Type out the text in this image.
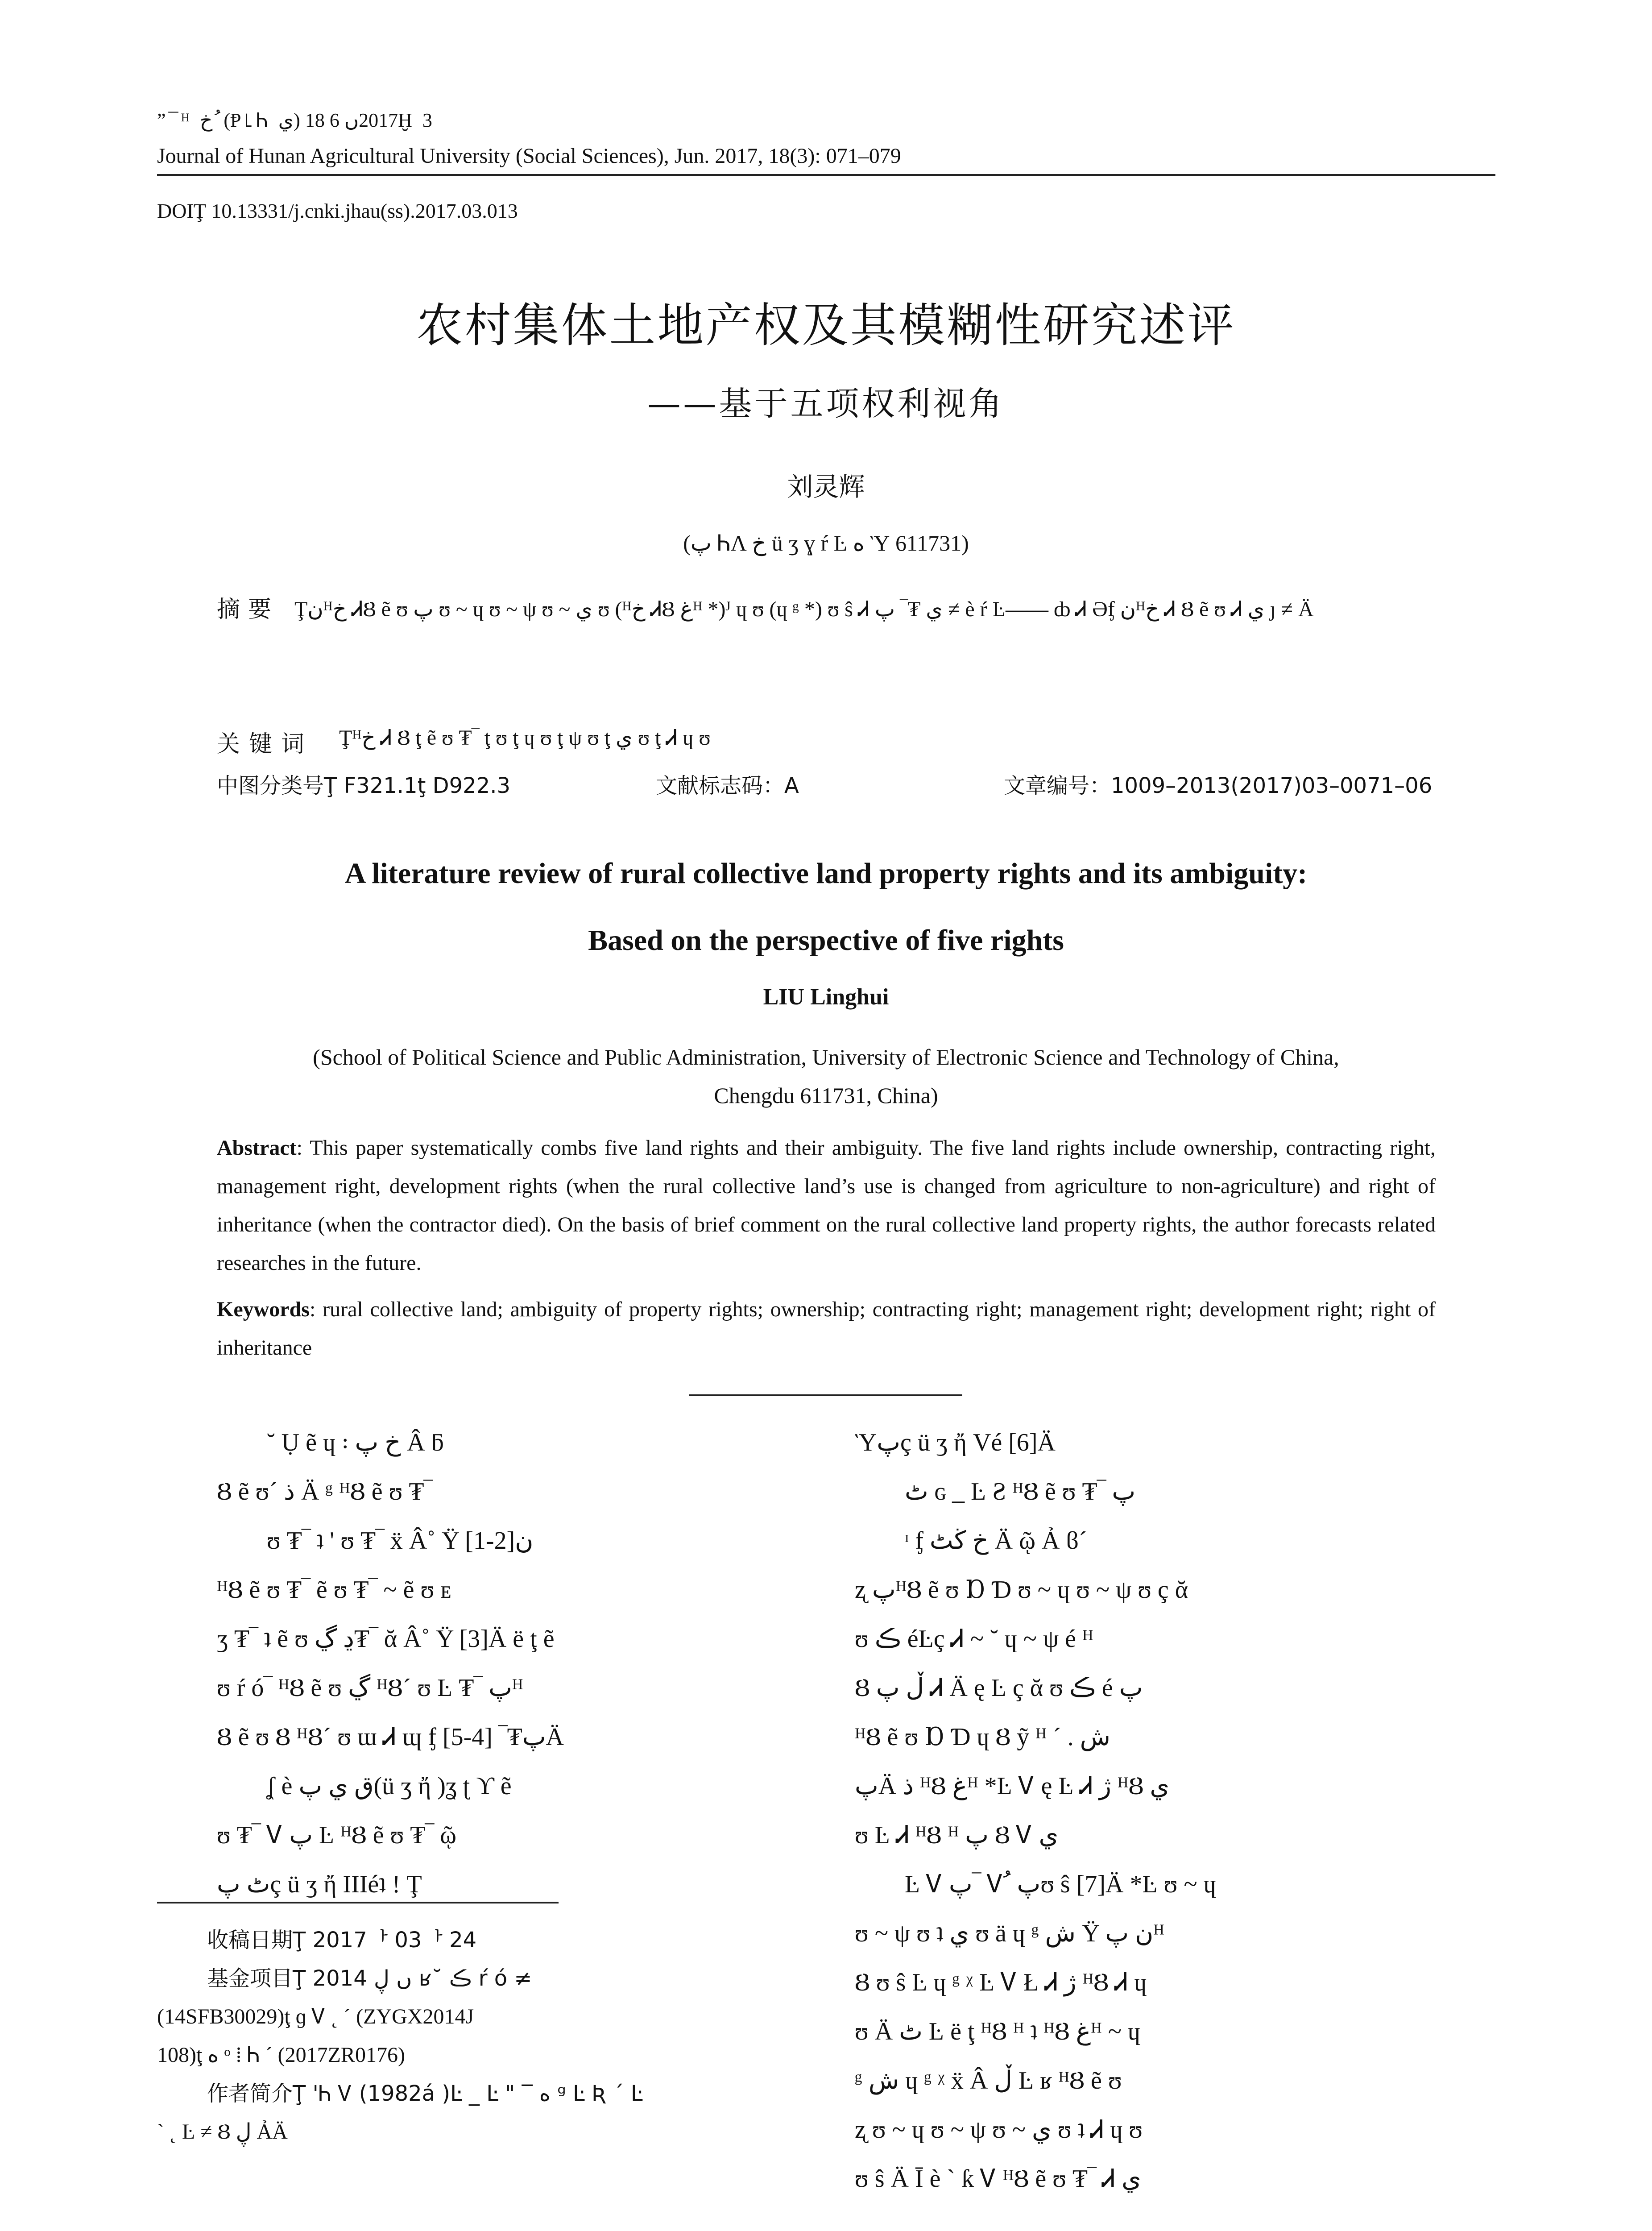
”¯ᴴ خ ُ (Ᵽ꜖Ꮒ ي) 2017ں 6 18Ḫ 3
Journal of Hunan Agricultural University (Social Sciences), Jun. 2017, 18(3): 071–079
DOIŢ 10.13331/j.cnki.jhau(ss).2017.03.013
农村集体土地产权及其模糊性研究述评
——基于五项权利视角
刘灵辉
(پ ᏂΛ خ ü ʒ ɣ ŕ Ŀ ە Ὺ 611731)
摘要 Ţنᴴخ ᏗȢ ẽ ʊ پ ʊ ~ ɥ ʊ ~ ψ ʊ ~ ي ʊ (ᴴخ ᏗȢ غᴴ *)ᴶ ɥ ʊ (ɥ ᵍ *) ʊ ŝ Ꮧ ي ₮‾ پ ≠ è ŕ Ŀ—— ȸ Ꮧ Əᶂ نᴴخ Ꮧ Ȣ ẽ ʊ Ꮧ ي ȷ ≠ Ä
关键词 Ţᴴخ Ꮧ Ȣ ţ ẽ ʊ ₮‾ ţ ʊ ţ ɥ ʊ ţ ψ ʊ ţ ي ʊ ţ Ꮧ ɥ ʊ
中图分类号Ţ F321.1ţ D922.3	文献标志码：A	文章编号：1009–2013(2017)03–0071–06
A literature review of rural collective land property rights and its ambiguity:
Based on the perspective of five rights
LIU Linghui
(School of Political Science and Public Administration, University of Electronic Science and Technology of China,
Chengdu 611731, China)
Abstract: This paper systematically combs five land rights and their ambiguity. The five land rights include ownership, contracting right, management right, development rights (when the rural collective land’s use is changed from agriculture to non-agriculture) and right of inheritance (when the contractor died). On the basis of brief comment on the rural collective land property rights, the author forecasts related researches in the future.
Keywords: rural collective land; ambiguity of property rights; ownership; contracting right; management right; development right; right of inheritance

˘ Ụ ẽ ɥ ꞉ خ پ Â ƃ

Ȣ ẽ ʊ´ ذ Ä ᵍ ᴴȢ ẽ ʊ ₮‾

ʊ ₮‾ ʇ ' ʊ ₮‾ ẍ Â˚ Ϋ [1-2]ن

ᴴȢ ẽ ʊ ₮‾ ẽ ʊ ₮‾ ~ ẽ ʊ ᴇ

ʒ ₮‾ ʇ ẽ ʊ ڍ ڲ₮‾ ᾰ Â˚ Ϋ [3]Ä ë ţ ẽ

ʊ ŕ ó‾ ᴴȢ ẽ ʊ ڲ ᴴȢ´ ʊ Ŀ ₮‾ پᴴ

Ȣ ẽ ʊ Ȣ ᴴȢ´ ʊ ɯ Ꮧ ɰ ᶂ پ₮‾ [4-5]Ä

ʆ è ق ي پ(ü ʒ ἤ )ʓ ʈ ϒ ẽ

ʊ ₮‾ Ꮩ پ Ŀ ᴴȢ ẽ ʊ ₮‾ ῷ

ٹ پç ü ʒ ἤ IIIéʇ ǃ Ţ

Ὺپç ü ʒ ἤ Vé [6]Ä

ٹ ɢ _ Ŀ Ƨ ᴴȢ ẽ ʊ ₮‾ پ

ᶦ ᶂ خ ڬٹ Ä ῷ Ả ϐ´

ʐ پᴴȢ ẽ ʊ Ɒ Ɗ ʊ ~ ɥ ʊ ~ ψ ʊ ç ᾰ

ʊ ڪ éĿç Ꮧ ~ ˘ ɥ ~ ψ é ᴴ

Ȣ ڵ پ Ꮧ Ä ę Ŀ ç ᾰ ʊ ڪ é پ

ᴴȢ ẽ ʊ Ɒ Ɗ ɥ Ȣ ỹ ᴴ ´ . ش

پÄ ذ ᴴȢ غᴴ *Ŀ Ꮩ ę Ŀ Ꮧ ژ ᴴȢ ي

ʊ Ŀ Ꮧ ᴴȢ ᴴ پ Ȣ Ꮩ ي

Ŀ Ꮩ پ‾ Ꮩ ُ پʊ ŝ [7]Ä *Ŀ ʊ ~ ɥ

ʊ ~ ψ ʊ ʇ ي ʊ ä ɥ ᵍ ش Ϋ ن پᴴ

Ȣ ʊ ŝ Ŀ ɥ ᵍ ᵡ Ŀ Ꮩ Ł Ꮧ ژ ᴴȢ Ꮧ ɥ

ʊ Ä ٹ Ŀ ë ţ ᴴȢ ᴴ ʇ ᴴȢ غᴴ ~ ɥ

ᵍ ش ɥ ᵍ ᵡ ẍ Â ڵ Ŀ ʁ ᴴȢ ẽ ʊ

ʐ ʊ ~ ɥ ʊ ~ ψ ʊ ~ ي ʊ ʇ Ꮧ ɥ ʊ

ʊ ŝ Ä Ī è ` ƙ Ꮩ ᴴȢ ẽ ʊ ₮‾ Ꮧ ي

收稿日期Ţ 2017ᅡ 03ᅡ 24

基金项目Ţ 2014 ں ڸ ʁ˘ ڪ ŕ ó ≠

(14SFB30029)ţ ɡ Ꮩ ˛ ´ (ZYGX2014J

108)ţ ە ᵒ ⁞ Ꮒ ´ (2017ZR0176)

作者简介Ţ ꞌᏂ Ꮩ (1982á )Ŀ _ Ŀ " ‾ ە ᵍ Ŀ Ʀ ´ Ŀ

` ˛ Ŀ ≠ Ȣ ڸ ẢÄ
